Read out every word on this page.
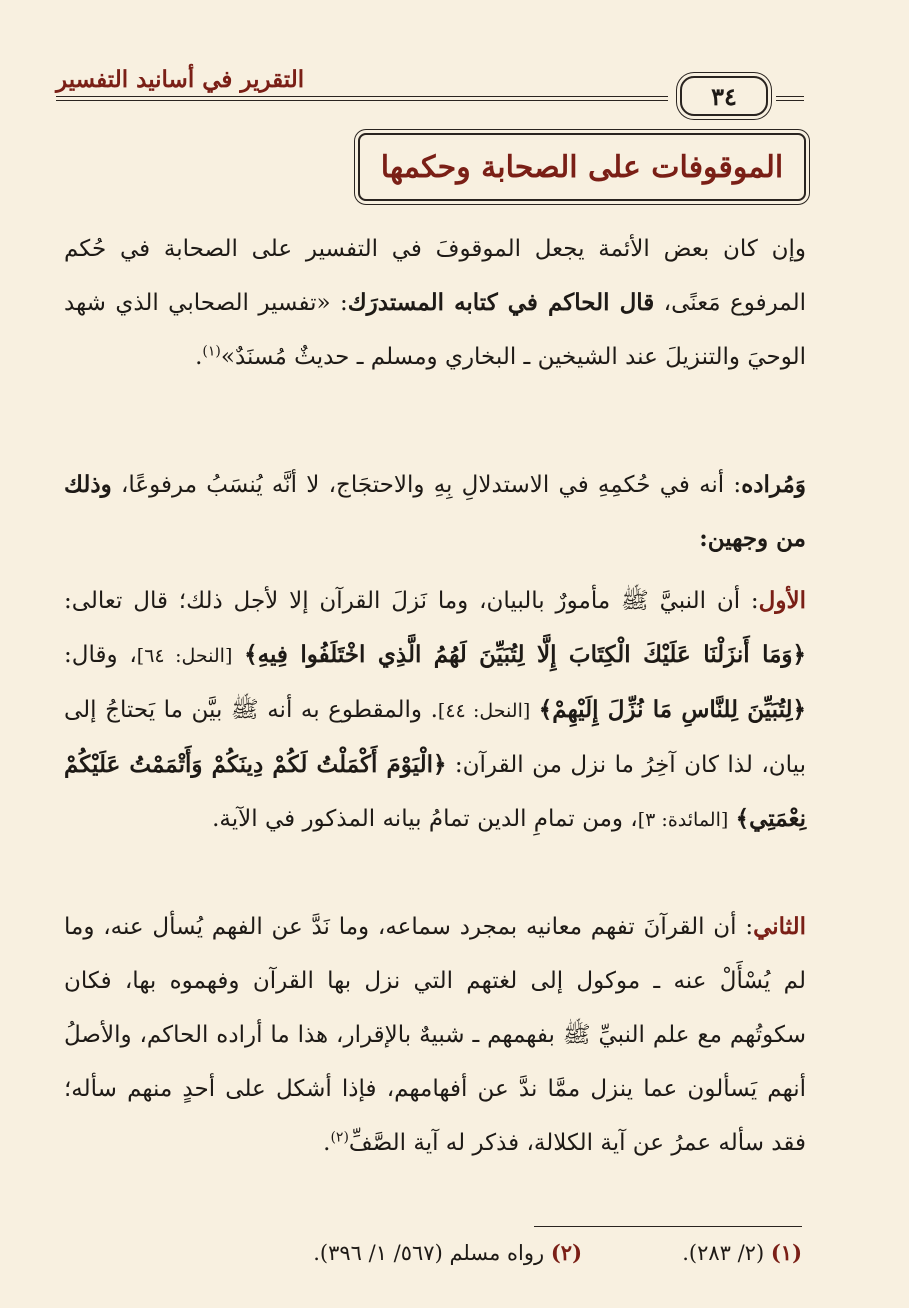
التقرير في أسانيد التفسير
٣٤
الموقوفات على الصحابة وحكمها

وإن كان بعض الأئمة يجعل الموقوفَ في التفسير على الصحابة في حُكم المرفوع مَعنًى، قال الحاكم في كتابه المستدرَك: «تفسير الصحابي الذي شهد الوحيَ والتنزيلَ عند الشيخين ـ البخاري ومسلم ـ حديثٌ مُسنَدٌ»$^{(١)}$.

وَمُراده: أنه في حُكمِهِ في الاستدلالِ بِهِ والاحتجَاج، لا أنَّه يُنسَبُ مرفوعًا، وذلك من وجهين:

الأول: أن النبيَّ ﷺ مأمورٌ بالبيان، وما نَزلَ القرآن إلا لأجل ذلك؛ قال تعالى: ﴿وَمَا أَنزَلْنَا عَلَيْكَ الْكِتَابَ إِلَّا لِتُبَيِّنَ لَهُمُ الَّذِي اخْتَلَفُوا فِيهِ﴾ [النحل: ٦٤]، وقال: ﴿لِتُبَيِّنَ لِلنَّاسِ مَا نُزِّلَ إِلَيْهِمْ﴾ [النحل: ٤٤]. والمقطوع به أنه ﷺ بيَّن ما يَحتاجُ إلى بيان، لذا كان آخِرُ ما نزل من القرآن: ﴿الْيَوْمَ أَكْمَلْتُ لَكُمْ دِينَكُمْ وَأَتْمَمْتُ عَلَيْكُمْ نِعْمَتِي﴾ [المائدة: ٣]، ومن تمامِ الدين تمامُ بيانه المذكور في الآية.

الثاني: أن القرآنَ تفهم معانيه بمجرد سماعه، وما نَدَّ عن الفهم يُسأل عنه، وما لم يُسْأَلْ عنه ـ موكول إلى لغتهم التي نزل بها القرآن وفهموه بها، فكان سكوتُهم مع علم النبيِّ ﷺ بفهمهم ـ شبيهٌ بالإقرار، هذا ما أراده الحاكم، والأصلُ أنهم يَسألون عما ينزل ممَّا ندَّ عن أفهامهم، فإذا أشكل على أحدٍ منهم سأله؛ فقد سأله عمرُ عن آية الكلالة، فذكر له آية الصَّفِّ$^{(٢)}$.

(١) (٢/ ٢٨٣).
(٢) رواه مسلم (٥٦٧/ ١/ ٣٩٦).
